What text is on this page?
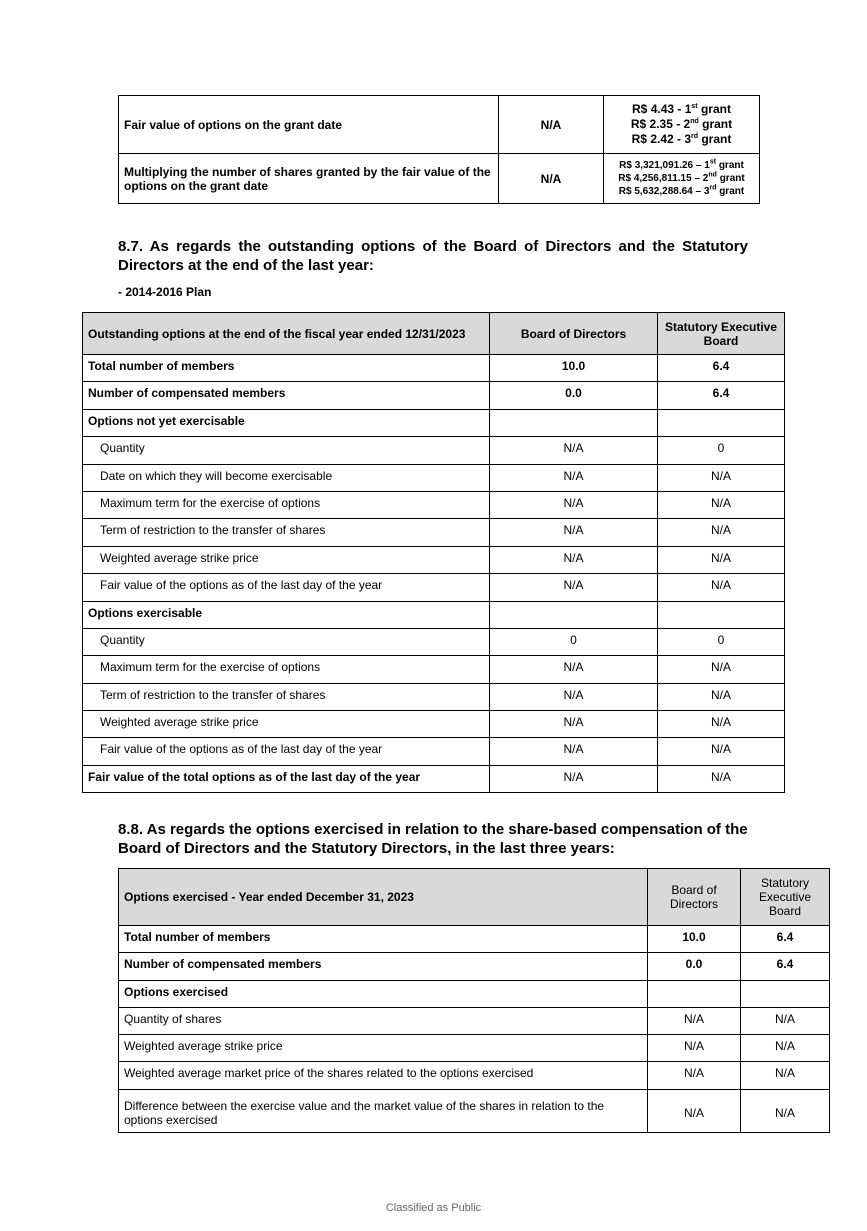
Fair value of options on the grant date	N/A	R$ 4.43 - 1st grant
R$ 2.35 - 2nd grant
R$ 2.42 - 3rd grant

Multiplying the number of shares granted by the fair value of the options on the grant date	N/A	R$ 3,321,091.26 – 1st grant
R$ 4,256,811.15 – 2nd grant
R$ 5,632,288.64 – 3rd grant

8.7. As regards the outstanding options of the Board of Directors and the Statutory Directors at the end of the last year:

- 2014-2016 Plan
Outstanding options at the end of the fiscal year ended 12/31/2023	Board of Directors	Statutory Executive Board
Total number of members	10.0	6.4
Number of compensated members	0.0	6.4
Options not yet exercisable		
Quantity	N/A	0
Date on which they will become exercisable	N/A	N/A
Maximum term for the exercise of options	N/A	N/A
Term of restriction to the transfer of shares	N/A	N/A
Weighted average strike price	N/A	N/A
Fair value of the options as of the last day of the year	N/A	N/A
Options exercisable		
Quantity	0	0
Maximum term for the exercise of options	N/A	N/A
Term of restriction to the transfer of shares	N/A	N/A
Weighted average strike price	N/A	N/A
Fair value of the options as of the last day of the year	N/A	N/A
Fair value of the total options as of the last day of the year	N/A	N/A

8.8. As regards the options exercised in relation to the share-based compensation of the Board of Directors and the Statutory Directors, in the last three years:

Options exercised - Year ended December 31, 2023	Board of Directors	Statutory Executive Board
Total number of members	10.0	6.4
Number of compensated members	0.0	6.4
Options exercised		
Quantity of shares	N/A	N/A
Weighted average strike price	N/A	N/A
Weighted average market price of the shares related to the options exercised	N/A	N/A
Difference between the exercise value and the market value of the shares in relation to the options exercised	N/A	N/A
Classified as Public
